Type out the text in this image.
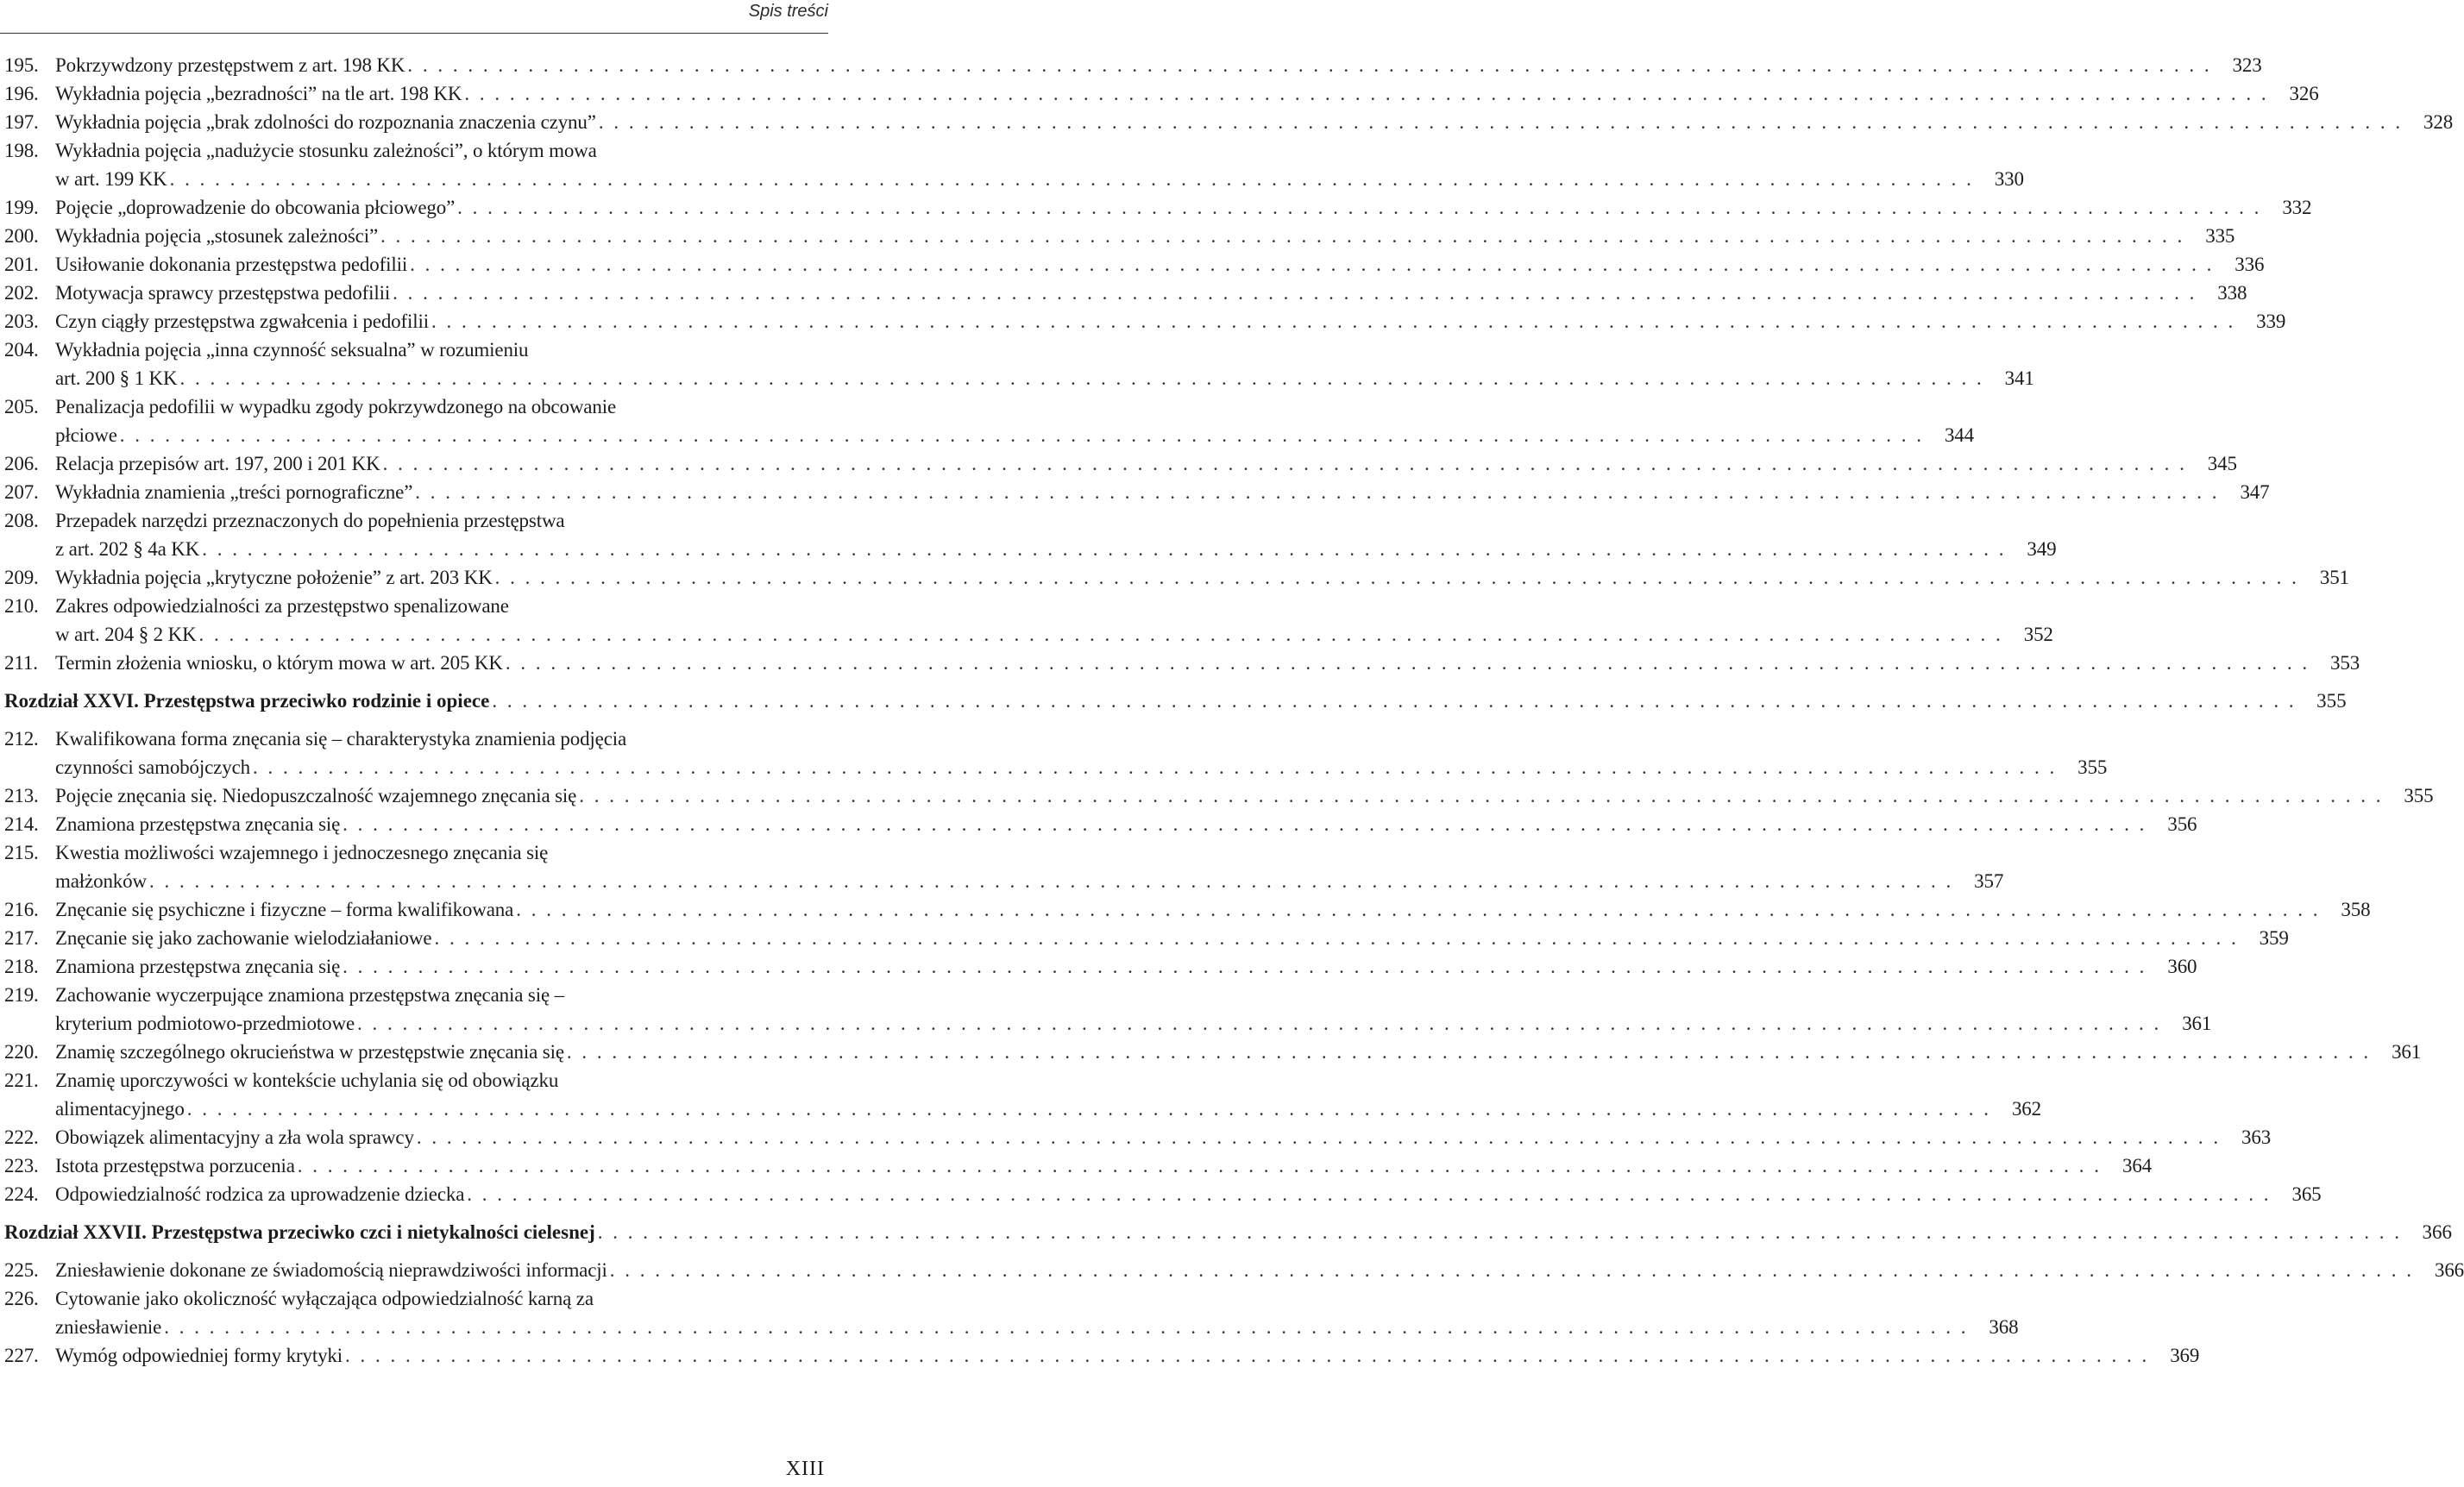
Spis treści
195. Pokrzywdzony przestępstwem z art. 198 KK . . . . . . . . . . . . . . . . . . . . . . . . . . . . . . . . . . . . . . . . . . . . . . . . . . . . . . . . . . . . . . . . . . . . . . . . . . . . . . . . . . . . . . . . . . . . . . . . . . . . . . . . . . . . . . . . . . . . . . . .	323
196. Wykładnia pojęcia „bezradności” na tle art. 198 KK . . . . . . . . . . . . . . . . . . . . . . . . . . . . . . . . . . . . . . . . . . . . . . . . . . . . . . . . . . . . . . . . . . . . . . . . . . . . . . . . . . . . . . . . . . . . . . . . . . . . . . . . . . . . . . . . . . . . . . . .	326
197. Wykładnia pojęcia „brak zdolności do rozpoznania znaczenia czynu” . . . . . . . . . . . . . . . . . . . . . . . . . . . . . . . . . . . . . . . . . . . . . . . . . . . . . . . . . . . . . . . . . . . . . . . . . . . . . . . . . . . . . . . . . . . . . . . . . . . . . . . . . . . . . . . . . . . . . . . .	328
198. Wykładnia pojęcia „nadużycie stosunku zależności”, o którym mowa
w art. 199 KK . . . . . . . . . . . . . . . . . . . . . . . . . . . . . . . . . . . . . . . . . . . . . . . . . . . . . . . . . . . . . . . . . . . . . . . . . . . . . . . . . . . . . . . . . . . . . . . . . . . . . . . . . . . . . . . . . . . . . . . .	330
199. Pojęcie „doprowadzenie do obcowania płciowego” . . . . . . . . . . . . . . . . . . . . . . . . . . . . . . . . . . . . . . . . . . . . . . . . . . . . . . . . . . . . . . . . . . . . . . . . . . . . . . . . . . . . . . . . . . . . . . . . . . . . . . . . . . . . . . . . . . . . . . . .	332
200. Wykładnia pojęcia „stosunek zależności” . . . . . . . . . . . . . . . . . . . . . . . . . . . . . . . . . . . . . . . . . . . . . . . . . . . . . . . . . . . . . . . . . . . . . . . . . . . . . . . . . . . . . . . . . . . . . . . . . . . . . . . . . . . . . . . . . . . . . . . .	335
201. Usiłowanie dokonania przestępstwa pedofilii . . . . . . . . . . . . . . . . . . . . . . . . . . . . . . . . . . . . . . . . . . . . . . . . . . . . . . . . . . . . . . . . . . . . . . . . . . . . . . . . . . . . . . . . . . . . . . . . . . . . . . . . . . . . . . . . . . . . . . . .	336
202. Motywacja sprawcy przestępstwa pedofilii . . . . . . . . . . . . . . . . . . . . . . . . . . . . . . . . . . . . . . . . . . . . . . . . . . . . . . . . . . . . . . . . . . . . . . . . . . . . . . . . . . . . . . . . . . . . . . . . . . . . . . . . . . . . . . . . . . . . . . . .	338
203. Czyn ciągły przestępstwa zgwałcenia i pedofilii . . . . . . . . . . . . . . . . . . . . . . . . . . . . . . . . . . . . . . . . . . . . . . . . . . . . . . . . . . . . . . . . . . . . . . . . . . . . . . . . . . . . . . . . . . . . . . . . . . . . . . . . . . . . . . . . . . . . . . . .	339
204. Wykładnia pojęcia „inna czynność seksualna” w rozumieniu
art. 200 § 1 KK . . . . . . . . . . . . . . . . . . . . . . . . . . . . . . . . . . . . . . . . . . . . . . . . . . . . . . . . . . . . . . . . . . . . . . . . . . . . . . . . . . . . . . . . . . . . . . . . . . . . . . . . . . . . . . . . . . . . . . . .	341
205. Penalizacja pedofilii w wypadku zgody pokrzywdzonego na obcowanie
płciowe . . . . . . . . . . . . . . . . . . . . . . . . . . . . . . . . . . . . . . . . . . . . . . . . . . . . . . . . . . . . . . . . . . . . . . . . . . . . . . . . . . . . . . . . . . . . . . . . . . . . . . . . . . . . . . . . . . . . . . . .	344
206. Relacja przepisów art. 197, 200 i 201 KK . . . . . . . . . . . . . . . . . . . . . . . . . . . . . . . . . . . . . . . . . . . . . . . . . . . . . . . . . . . . . . . . . . . . . . . . . . . . . . . . . . . . . . . . . . . . . . . . . . . . . . . . . . . . . . . . . . . . . . . .	345
207. Wykładnia znamienia „treści pornograficzne” . . . . . . . . . . . . . . . . . . . . . . . . . . . . . . . . . . . . . . . . . . . . . . . . . . . . . . . . . . . . . . . . . . . . . . . . . . . . . . . . . . . . . . . . . . . . . . . . . . . . . . . . . . . . . . . . . . . . . . . .	347
208. Przepadek narzędzi przeznaczonych do popełnienia przestępstwa
z art. 202 § 4a KK . . . . . . . . . . . . . . . . . . . . . . . . . . . . . . . . . . . . . . . . . . . . . . . . . . . . . . . . . . . . . . . . . . . . . . . . . . . . . . . . . . . . . . . . . . . . . . . . . . . . . . . . . . . . . . . . . . . . . . . .	349
209. Wykładnia pojęcia „krytyczne położenie” z art. 203 KK . . . . . . . . . . . . . . . . . . . . . . . . . . . . . . . . . . . . . . . . . . . . . . . . . . . . . . . . . . . . . . . . . . . . . . . . . . . . . . . . . . . . . . . . . . . . . . . . . . . . . . . . . . . . . . . . . . . . . . . .	351
210. Zakres odpowiedzialności za przestępstwo spenalizowane
w art. 204 § 2 KK . . . . . . . . . . . . . . . . . . . . . . . . . . . . . . . . . . . . . . . . . . . . . . . . . . . . . . . . . . . . . . . . . . . . . . . . . . . . . . . . . . . . . . . . . . . . . . . . . . . . . . . . . . . . . . . . . . . . . . . .	352
211. Termin złożenia wniosku, o którym mowa w art. 205 KK . . . . . . . . . . . . . . . . . . . . . . . . . . . . . . . . . . . . . . . . . . . . . . . . . . . . . . . . . . . . . . . . . . . . . . . . . . . . . . . . . . . . . . . . . . . . . . . . . . . . . . . . . . . . . . . . . . . . . . . .	353
Rozdział XXVI. Przestępstwa przeciwko rodzinie i opiece . . . . . . . . . . . . . . . . . . . . . . . . . . . . . . . . . . . . . . . . . . . . . . . . . . . . . . . . . . . . . . . . . . . . . . . . . . . . . . . . . . . . . . . . . . . . . . . . . . . . . . . . . . . . . . . . . . . . . . . .	355
212. Kwalifikowana forma znęcania się – charakterystyka znamienia podjęcia
czynności samobójczych . . . . . . . . . . . . . . . . . . . . . . . . . . . . . . . . . . . . . . . . . . . . . . . . . . . . . . . . . . . . . . . . . . . . . . . . . . . . . . . . . . . . . . . . . . . . . . . . . . . . . . . . . . . . . . . . . . . . . . . .	355
213. Pojęcie znęcania się. Niedopuszczalność wzajemnego znęcania się . . . . . . . . . . . . . . . . . . . . . . . . . . . . . . . . . . . . . . . . . . . . . . . . . . . . . . . . . . . . . . . . . . . . . . . . . . . . . . . . . . . . . . . . . . . . . . . . . . . . . . . . . . . . . . . . . . . . . . . .	355
214. Znamiona przestępstwa znęcania się . . . . . . . . . . . . . . . . . . . . . . . . . . . . . . . . . . . . . . . . . . . . . . . . . . . . . . . . . . . . . . . . . . . . . . . . . . . . . . . . . . . . . . . . . . . . . . . . . . . . . . . . . . . . . . . . . . . . . . . .	356
215. Kwestia możliwości wzajemnego i jednoczesnego znęcania się
małżonków . . . . . . . . . . . . . . . . . . . . . . . . . . . . . . . . . . . . . . . . . . . . . . . . . . . . . . . . . . . . . . . . . . . . . . . . . . . . . . . . . . . . . . . . . . . . . . . . . . . . . . . . . . . . . . . . . . . . . . . .	357
216. Znęcanie się psychiczne i fizyczne – forma kwalifikowana . . . . . . . . . . . . . . . . . . . . . . . . . . . . . . . . . . . . . . . . . . . . . . . . . . . . . . . . . . . . . . . . . . . . . . . . . . . . . . . . . . . . . . . . . . . . . . . . . . . . . . . . . . . . . . . . . . . . . . . .	358
217. Znęcanie się jako zachowanie wielodziałaniowe . . . . . . . . . . . . . . . . . . . . . . . . . . . . . . . . . . . . . . . . . . . . . . . . . . . . . . . . . . . . . . . . . . . . . . . . . . . . . . . . . . . . . . . . . . . . . . . . . . . . . . . . . . . . . . . . . . . . . . . .	359
218. Znamiona przestępstwa znęcania się . . . . . . . . . . . . . . . . . . . . . . . . . . . . . . . . . . . . . . . . . . . . . . . . . . . . . . . . . . . . . . . . . . . . . . . . . . . . . . . . . . . . . . . . . . . . . . . . . . . . . . . . . . . . . . . . . . . . . . . .	360
219. Zachowanie wyczerpujące znamiona przestępstwa znęcania się –
kryterium podmiotowo-przedmiotowe . . . . . . . . . . . . . . . . . . . . . . . . . . . . . . . . . . . . . . . . . . . . . . . . . . . . . . . . . . . . . . . . . . . . . . . . . . . . . . . . . . . . . . . . . . . . . . . . . . . . . . . . . . . . . . . . . . . . . . . .	361
220. Znamię szczególnego okrucieństwa w przestępstwie znęcania się . . . . . . . . . . . . . . . . . . . . . . . . . . . . . . . . . . . . . . . . . . . . . . . . . . . . . . . . . . . . . . . . . . . . . . . . . . . . . . . . . . . . . . . . . . . . . . . . . . . . . . . . . . . . . . . . . . . . . . . .	361
221. Znamię uporczywości w kontekście uchylania się od obowiązku
alimentacyjnego . . . . . . . . . . . . . . . . . . . . . . . . . . . . . . . . . . . . . . . . . . . . . . . . . . . . . . . . . . . . . . . . . . . . . . . . . . . . . . . . . . . . . . . . . . . . . . . . . . . . . . . . . . . . . . . . . . . . . . . .	362
222. Obowiązek alimentacyjny a zła wola sprawcy . . . . . . . . . . . . . . . . . . . . . . . . . . . . . . . . . . . . . . . . . . . . . . . . . . . . . . . . . . . . . . . . . . . . . . . . . . . . . . . . . . . . . . . . . . . . . . . . . . . . . . . . . . . . . . . . . . . . . . . .	363
223. Istota przestępstwa porzucenia . . . . . . . . . . . . . . . . . . . . . . . . . . . . . . . . . . . . . . . . . . . . . . . . . . . . . . . . . . . . . . . . . . . . . . . . . . . . . . . . . . . . . . . . . . . . . . . . . . . . . . . . . . . . . . . . . . . . . . . .	364
224. Odpowiedzialność rodzica za uprowadzenie dziecka . . . . . . . . . . . . . . . . . . . . . . . . . . . . . . . . . . . . . . . . . . . . . . . . . . . . . . . . . . . . . . . . . . . . . . . . . . . . . . . . . . . . . . . . . . . . . . . . . . . . . . . . . . . . . . . . . . . . . . . .	365
Rozdział XXVII. Przestępstwa przeciwko czci i nietykalności cielesnej . . . . . . . . . . . . . . . . . . . . . . . . . . . . . . . . . . . . . . . . . . . . . . . . . . . . . . . . . . . . . . . . . . . . . . . . . . . . . . . . . . . . . . . . . . . . . . . . . . . . . . . . . . . . . . . . . . . . . . . .	366
225. Zniesławienie dokonane ze świadomością nieprawdziwości informacji . . . . . . . . . . . . . . . . . . . . . . . . . . . . . . . . . . . . . . . . . . . . . . . . . . . . . . . . . . . . . . . . . . . . . . . . . . . . . . . . . . . . . . . . . . . . . . . . . . . . . . . . . . . . . . . . . . . . . . . .	366
226. Cytowanie jako okoliczność wyłączająca odpowiedzialność karną za
zniesławienie . . . . . . . . . . . . . . . . . . . . . . . . . . . . . . . . . . . . . . . . . . . . . . . . . . . . . . . . . . . . . . . . . . . . . . . . . . . . . . . . . . . . . . . . . . . . . . . . . . . . . . . . . . . . . . . . . . . . . . . .	368
227. Wymóg odpowiedniej formy krytyki . . . . . . . . . . . . . . . . . . . . . . . . . . . . . . . . . . . . . . . . . . . . . . . . . . . . . . . . . . . . . . . . . . . . . . . . . . . . . . . . . . . . . . . . . . . . . . . . . . . . . . . . . . . . . . . . . . . . . . . .	369
XIII
